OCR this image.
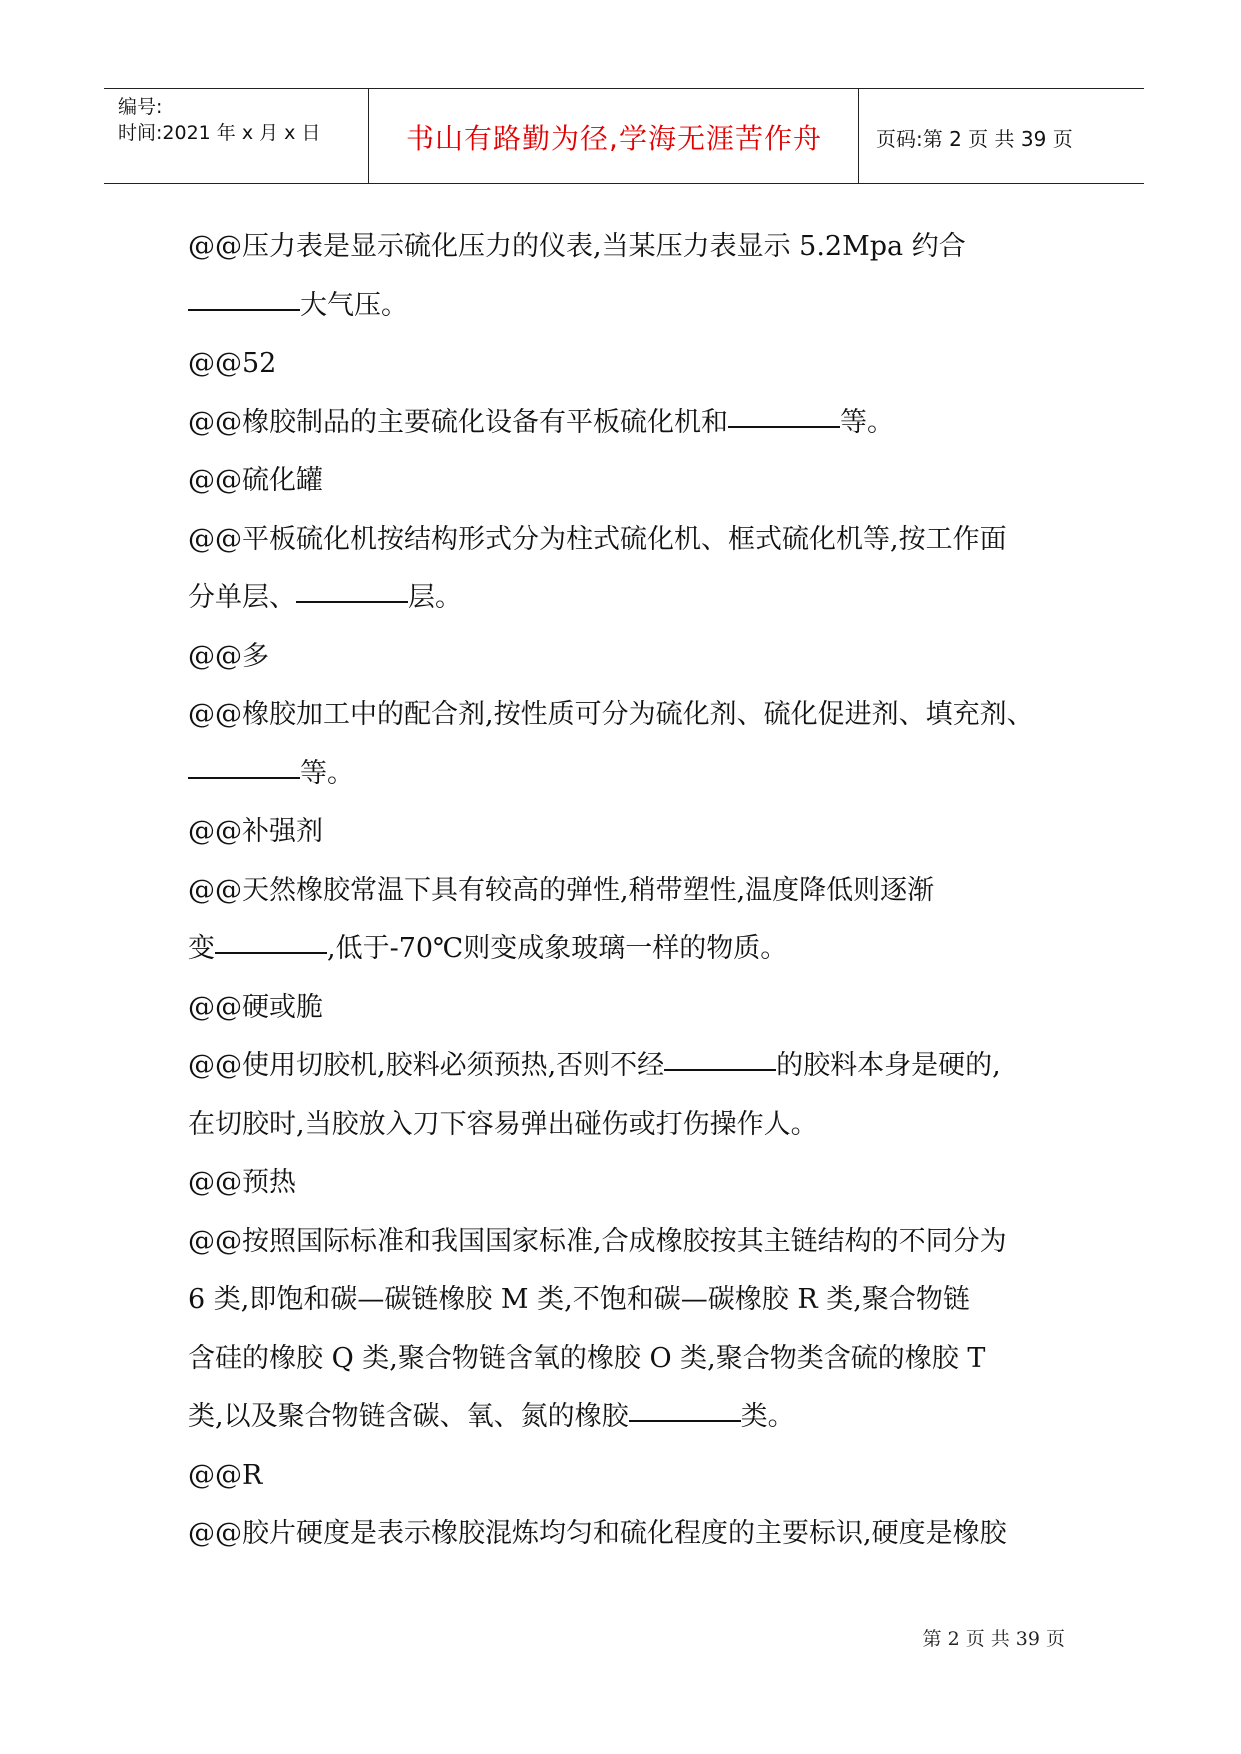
编号:
时间:2021 年 x 月 x 日	书山有路勤为径,学海无涯苦作舟	页码:第 2 页 共 39 页
@@压力表是显示硫化压力的仪表,当某压力表显示 5.2Mpa 约合
大气压。
@@52
@@橡胶制品的主要硫化设备有平板硫化机和	等。
@@硫化罐
@@平板硫化机按结构形式分为柱式硫化机、框式硫化机等,按工作面
分单层、	层。
@@多
@@橡胶加工中的配合剂,按性质可分为硫化剂、硫化促进剂、填充剂、
等。
@@补强剂
@@天然橡胶常温下具有较高的弹性,稍带塑性,温度降低则逐渐
变	,低于-70℃则变成象玻璃一样的物质。
@@硬或脆
@@使用切胶机,胶料必须预热,否则不经	的胶料本身是硬的,
在切胶时,当胶放入刀下容易弹出碰伤或打伤操作人。
@@预热
@@按照国际标准和我国国家标准,合成橡胶按其主链结构的不同分为
6 类,即饱和碳—碳链橡胶 M 类,不饱和碳—碳橡胶 R 类,聚合物链
含硅的橡胶 Q 类,聚合物链含氧的橡胶 O 类,聚合物类含硫的橡胶 T
类,以及聚合物链含碳、氧、氮的橡胶	类。
@@R
@@胶片硬度是表示橡胶混炼均匀和硫化程度的主要标识,硬度是橡胶
第 2 页 共 39 页
